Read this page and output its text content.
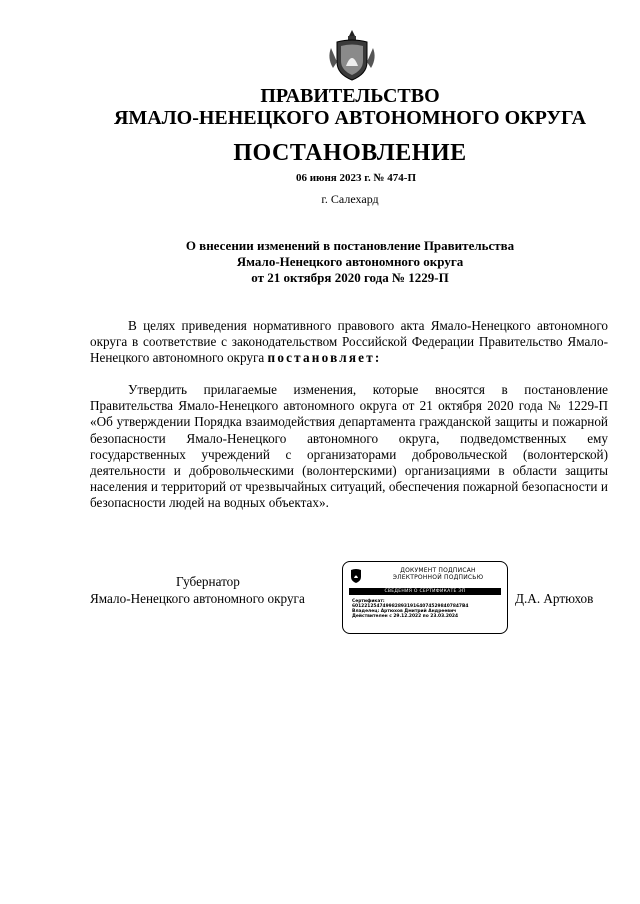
ПРАВИТЕЛЬСТВО
ЯМАЛО-НЕНЕЦКОГО АВТОНОМНОГО ОКРУГА
ПОСТАНОВЛЕНИЕ
06 июня 2023 г. № 474-П
г. Салехард
О внесении изменений в постановление Правительства
Ямало-Ненецкого автономного округа
от 21 октября 2020 года № 1229-П

В целях приведения нормативного правового акта Ямало-Ненецкого автономного округа в соответствие с законодательством Российской Федерации Правительство Ямало-Ненецкого автономного округа постановляет:

Утвердить прилагаемые изменения, которые вносятся в постановление Правительства Ямало-Ненецкого автономного округа от 21 октября 2020 года № 1229-П «Об утверждении Порядка взаимодействия департамента гражданской защиты и пожарной безопасности Ямало-Ненецкого автономного округа, подведомственных ему государственных учреждений с организаторами добровольческой (волонтерской) деятельности и добровольческими (волонтерскими) организациями в области защиты населения и территорий от чрезвычайных ситуаций, обеспечения пожарной безопасности и безопасности людей на водных объектах».

Губернатор
Ямало-Ненецкого автономного округа	Д.А. Артюхов
ДОКУМЕНТ ПОДПИСАН
ЭЛЕКТРОННОЙ ПОДПИСЬЮ
СВЕДЕНИЯ О СЕРТИФИКАТЕ ЭП
Сертификат:
601221254749982893191640745298407847B4
Владелец: Артюхов Дмитрий Андреевич
Действителен с 29.12.2022 по 23.03.2024
